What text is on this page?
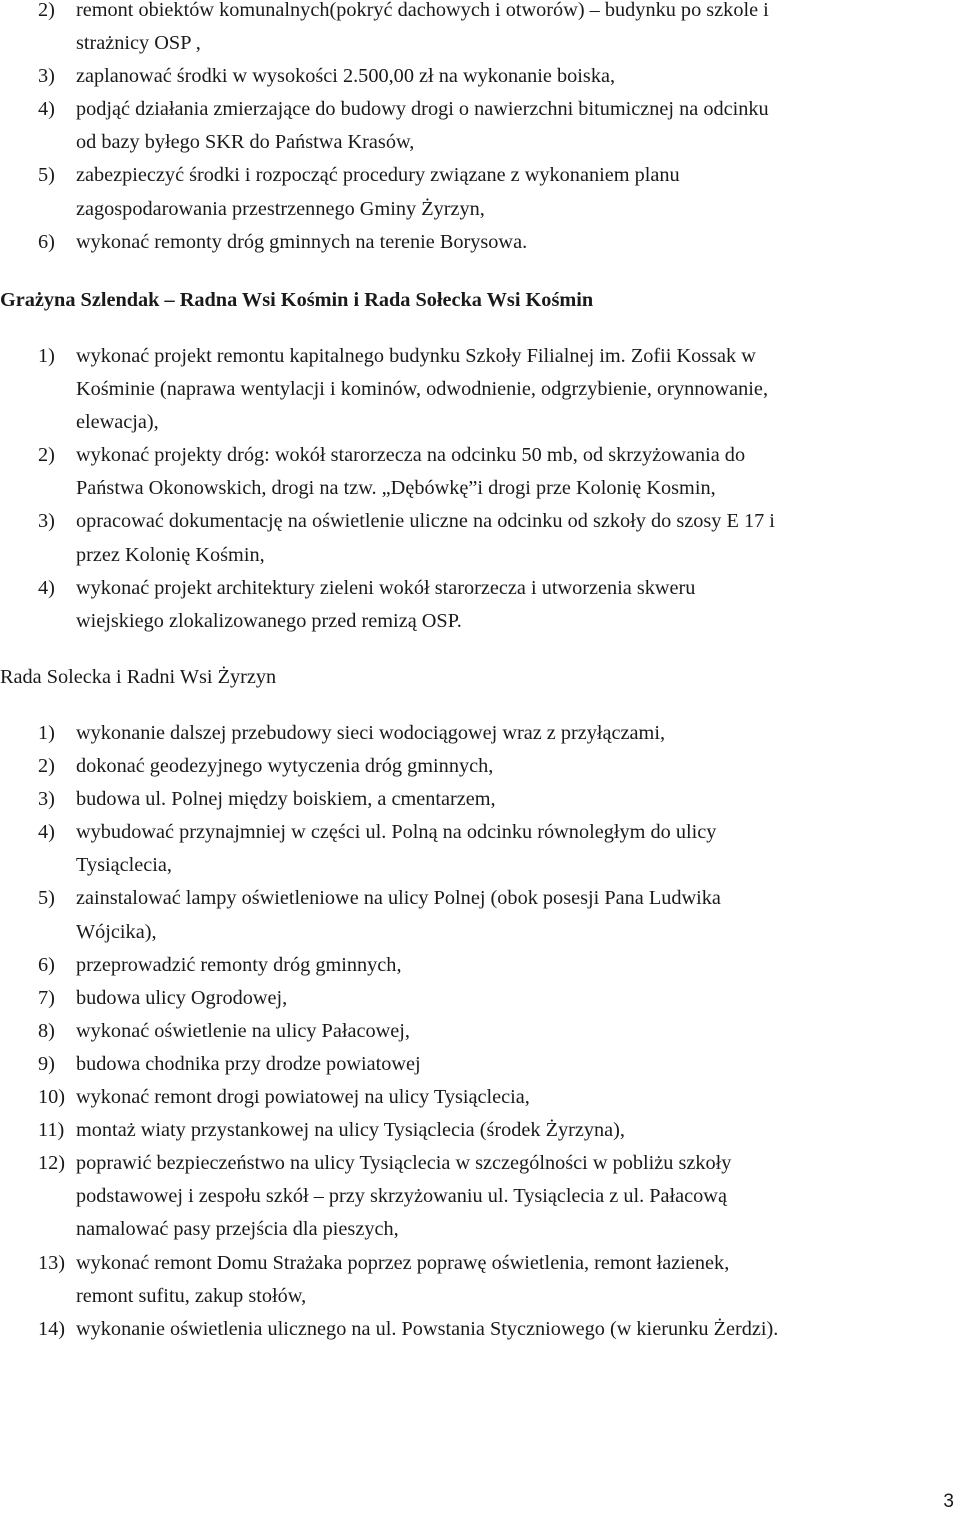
2) remont obiektów komunalnych(pokryć dachowych i otworów) – budynku po szkole i
strażnicy OSP ,
3) zaplanować środki w wysokości 2.500,00 zł na wykonanie boiska,
4) podjąć działania zmierzające do budowy drogi o nawierzchni bitumicznej na odcinku
od bazy byłego SKR do Państwa Krasów,
5) zabezpieczyć środki i rozpocząć procedury związane z wykonaniem planu
zagospodarowania przestrzennego Gminy Żyrzyn,
6) wykonać remonty dróg gminnych na terenie Borysowa.
Grażyna Szlendak – Radna Wsi Kośmin i Rada Sołecka Wsi Kośmin
1) wykonać projekt remontu kapitalnego budynku Szkoły Filialnej im. Zofii Kossak w
Kośminie (naprawa wentylacji i kominów, odwodnienie, odgrzybienie, orynnowanie,
elewacja),
2) wykonać projekty dróg: wokół starorzecza na odcinku 50 mb, od skrzyżowania do
Państwa Okonowskich, drogi na tzw. „Dębówkę”i drogi prze Kolonię Kosmin,
3) opracować dokumentację na oświetlenie uliczne na odcinku od szkoły do szosy E 17 i
przez Kolonię Kośmin,
4) wykonać projekt architektury zieleni wokół starorzecza i utworzenia skweru
wiejskiego zlokalizowanego przed remizą OSP.
Rada Solecka i Radni Wsi Żyrzyn
1) wykonanie dalszej przebudowy sieci wodociągowej wraz z przyłączami,
2) dokonać geodezyjnego wytyczenia dróg gminnych,
3) budowa ul. Polnej między boiskiem, a cmentarzem,
4) wybudować przynajmniej w części ul. Polną na odcinku równoległym do ulicy
Tysiąclecia,
5) zainstalować lampy oświetleniowe na ulicy Polnej (obok posesji Pana Ludwika
Wójcika),
6) przeprowadzić remonty dróg gminnych,
7) budowa ulicy Ogrodowej,
8) wykonać oświetlenie na ulicy Pałacowej,
9) budowa chodnika przy drodze powiatowej
10) wykonać remont drogi powiatowej na ulicy Tysiąclecia,
11) montaż wiaty przystankowej na ulicy Tysiąclecia (środek Żyrzyna),
12) poprawić bezpieczeństwo na ulicy Tysiąclecia w szczególności w pobliżu szkoły
podstawowej i zespołu szkół – przy skrzyżowaniu ul. Tysiąclecia z ul. Pałacową
namalować pasy przejścia dla pieszych,
13) wykonać remont Domu Strażaka poprzez poprawę oświetlenia, remont łazienek,
remont sufitu, zakup stołów,
14) wykonanie oświetlenia ulicznego na ul. Powstania Styczniowego (w kierunku Żerdzi).
3
